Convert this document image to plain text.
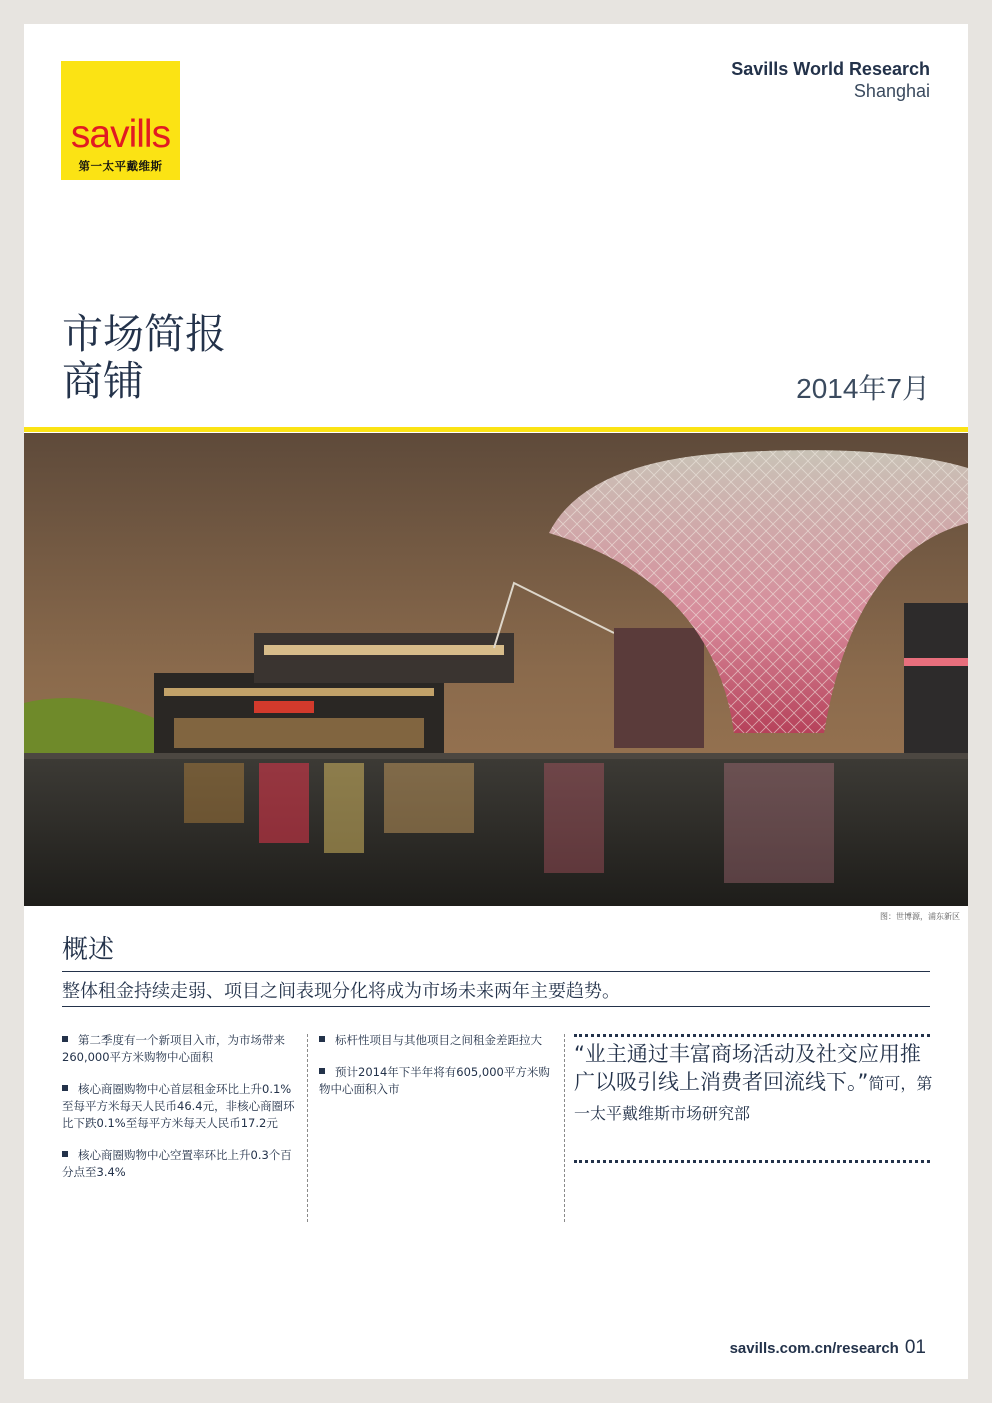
savills
第一太平戴维斯
Savills World Research
Shanghai
市场简报
商铺	2014年7月
图：世博源，浦东新区
概述
整体租金持续走弱、项目之间表现分化将成为市场未来两年主要趋势。

第二季度有一个新项目入市，为市场带来260,000平方米购物中心面积

核心商圈购物中心首层租金环比上升0.1%至每平方米每天人民币46.4元，非核心商圈环比下跌0.1%至每平方米每天人民币17.2元

核心商圈购物中心空置率环比上升0.3个百分点至3.4%

标杆性项目与其他项目之间租金差距拉大

预计2014年下半年将有605,000平方米购物中心面积入市

“业主通过丰富商场活动及社交应用推广以吸引线上消费者回流线下。”简可，第一太平戴维斯市场研究部
savills.com.cn/research 01
